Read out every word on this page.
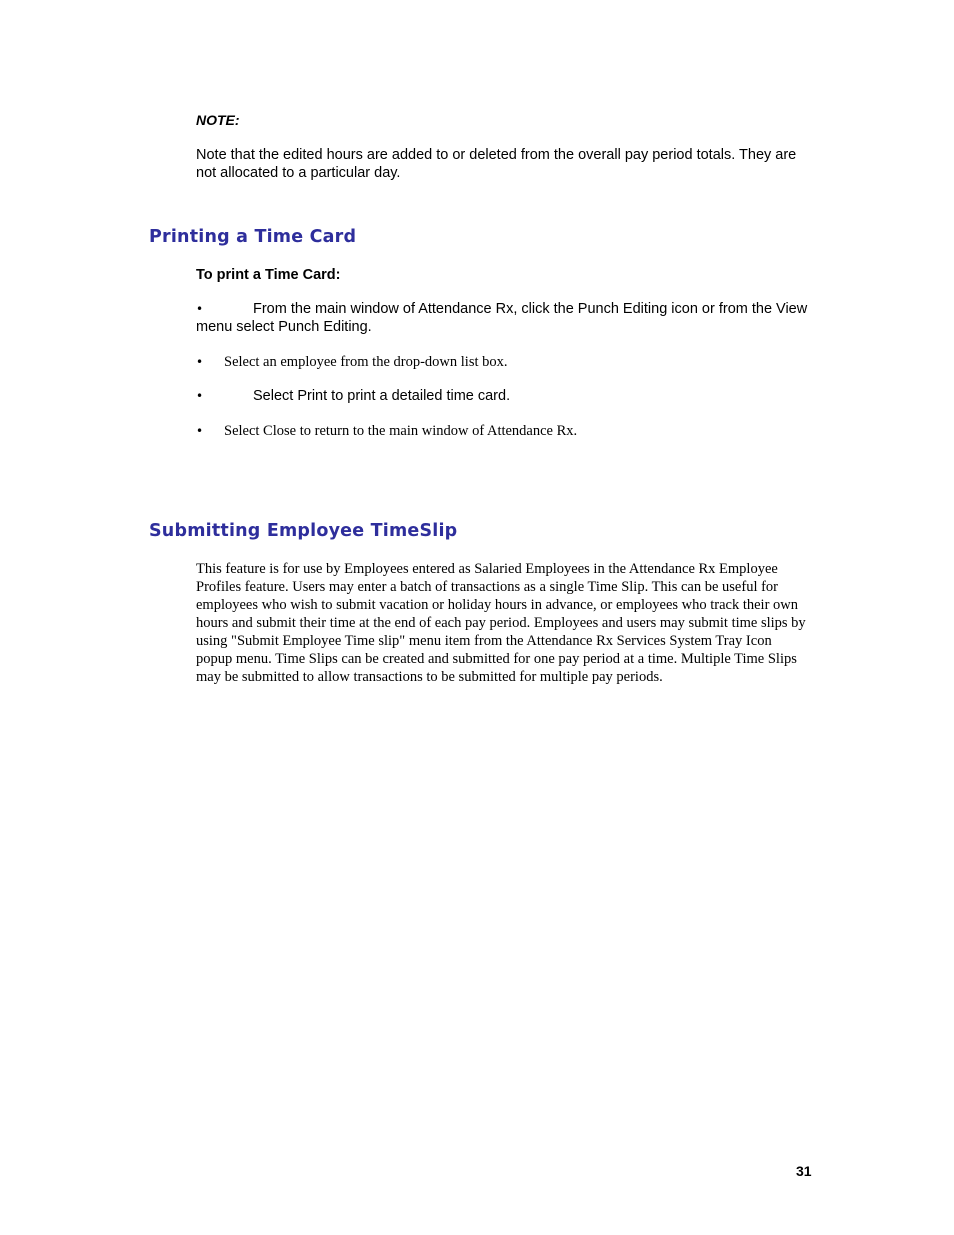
NOTE:
Note that the edited hours are added to or deleted from the overall pay period totals. They are not allocated to a particular day.
Printing a Time Card
To print a Time Card:
•	From the main window of Attendance Rx, click the Punch Editing icon or from the View menu select Punch Editing.
•	Select an employee from the drop-down list box.
•	Select Print to print a detailed time card.
•	Select Close to return to the main window of Attendance Rx.
Submitting Employee TimeSlip
This feature is for use by Employees entered as Salaried Employees in the Attendance Rx Employee Profiles feature. Users may enter a batch of transactions as a single Time Slip. This can be useful for employees who wish to submit vacation or holiday hours in advance, or employees who track their own hours and submit their time at the end of each pay period. Employees and users may submit time slips by using "Submit Employee Time slip" menu item from the Attendance Rx Services System Tray Icon popup menu. Time Slips can be created and submitted for one pay period at a time. Multiple Time Slips may be submitted to allow transactions to be submitted for multiple pay periods.
31
